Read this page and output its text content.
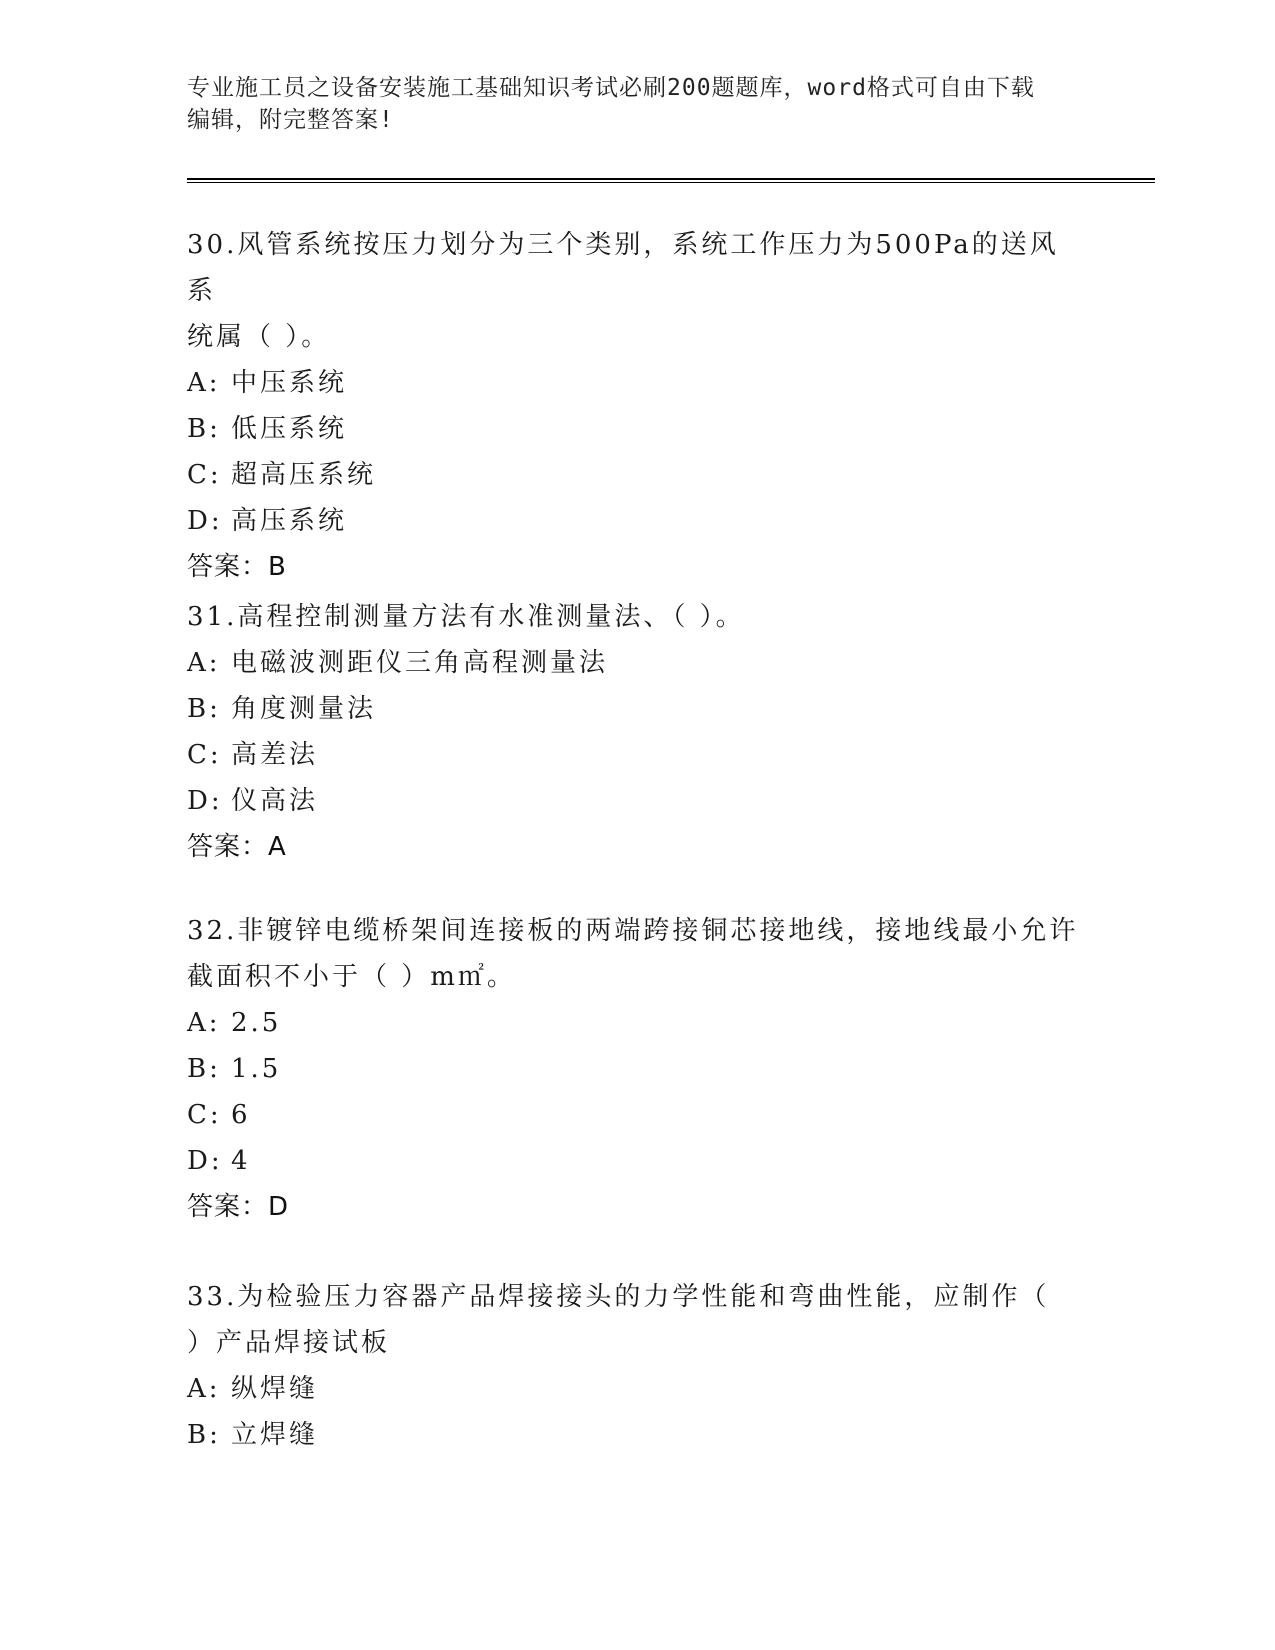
专业施工员之设备安装施工基础知识考试必刷200题题库，word格式可自由下载
编辑，附完整答案!

30.风管系统按压力划分为三个类别，系统工作压力为500Pa的送风系

统属（ ）。

A: 中压系统

B: 低压系统

C: 超高压系统

D: 高压系统

答案：B

31.高程控制测量方法有水准测量法、（ ）。

A: 电磁波测距仪三角高程测量法

B: 角度测量法

C: 高差法

D: 仪高法

答案：A

32.非镀锌电缆桥架间连接板的两端跨接铜芯接地线，接地线最小允许

截面积不小于（ ）m㎡。

A: 2.5

B: 1.5

C: 6

D: 4

答案：D

33.为检验压力容器产品焊接接头的力学性能和弯曲性能，应制作（

）产品焊接试板

A: 纵焊缝

B: 立焊缝
